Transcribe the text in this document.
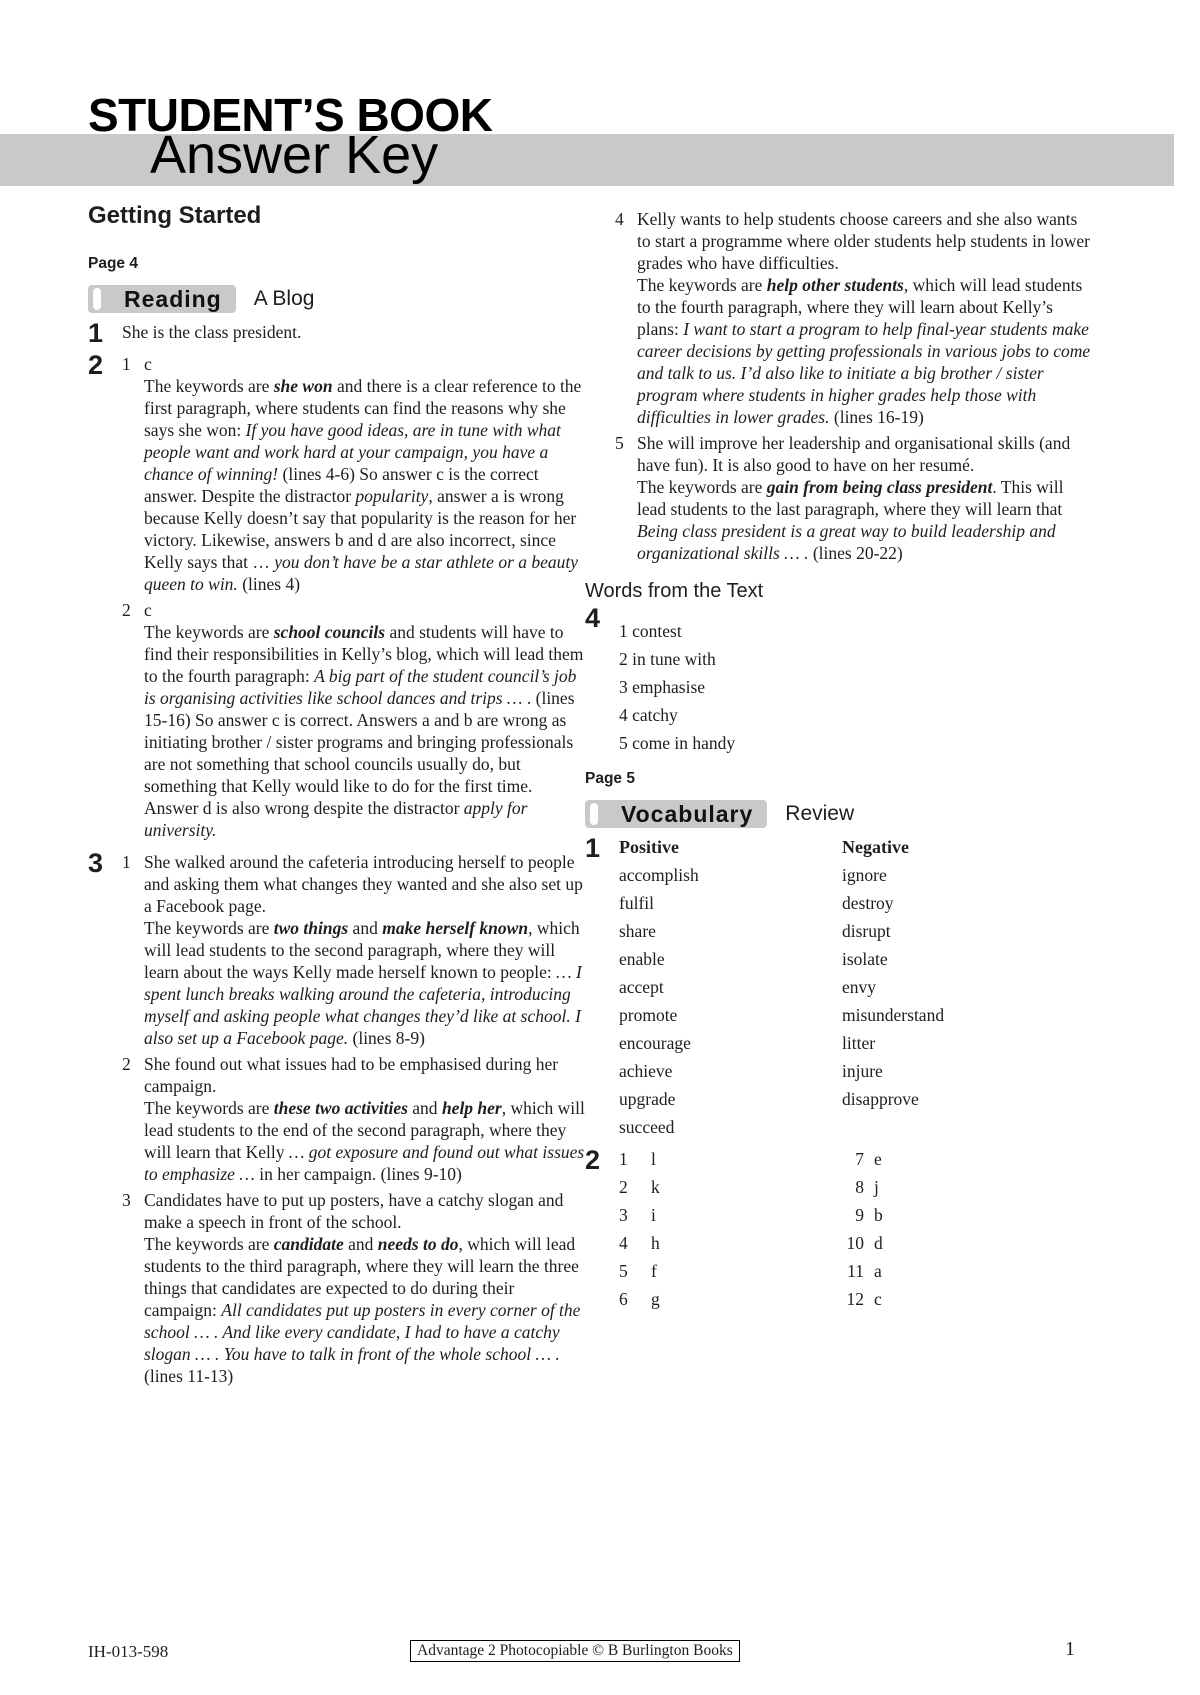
STUDENT’S BOOK
Answer Key
Getting Started
Page 4
Reading A Blog
1 She is the class president.
2 1 c
The keywords are she won and there is a clear reference to the first paragraph, where students can find the reasons why she says she won: If you have good ideas, are in tune with what people want and work hard at your campaign, you have a chance of winning! (lines 4-6) So answer c is the correct answer. Despite the distractor popularity, answer a is wrong because Kelly doesn’t say that popularity is the reason for her victory. Likewise, answers b and d are also incorrect, since Kelly says that … you don’t have be a star athlete or a beauty queen to win. (lines 4)
2 c
The keywords are school councils and students will have to find their responsibilities in Kelly’s blog, which will lead them to the fourth paragraph: A big part of the student council’s job is organising activities like school dances and trips … . (lines 15-16) So answer c is correct. Answers a and b are wrong as initiating brother / sister programs and bringing professionals are not something that school councils usually do, but something that Kelly would like to do for the first time. Answer d is also wrong despite the distractor apply for university.
3 1 She walked around the cafeteria introducing herself to people and asking them what changes they wanted and she also set up a Facebook page.
The keywords are two things and make herself known, which will lead students to the second paragraph, where they will learn about the ways Kelly made herself known to people: … I spent lunch breaks walking around the cafeteria, introducing myself and asking people what changes they’d like at school. I also set up a Facebook page. (lines 8-9)
2 She found out what issues had to be emphasised during her campaign.
The keywords are these two activities and help her, which will lead students to the end of the second paragraph, where they will learn that Kelly … got exposure and found out what issues to emphasize … in her campaign. (lines 9-10)
3 Candidates have to put up posters, have a catchy slogan and make a speech in front of the school.
The keywords are candidate and needs to do, which will lead students to the third paragraph, where they will learn the three things that candidates are expected to do during their campaign: All candidates put up posters in every corner of the school … . And like every candidate, I had to have a catchy slogan … . You have to talk in front of the whole school … . (lines 11-13)
4 Kelly wants to help students choose careers and she also wants to start a programme where older students help students in lower grades who have difficulties.
The keywords are help other students, which will lead students to the fourth paragraph, where they will learn about Kelly’s plans: I want to start a program to help final-year students make career decisions by getting professionals in various jobs to come and talk to us. I’d also like to initiate a big brother / sister program where students in higher grades help those with difficulties in lower grades. (lines 16-19)
5 She will improve her leadership and organisational skills (and have fun). It is also good to have on her resumé.
The keywords are gain from being class president. This will lead students to the last paragraph, where they will learn that Being class president is a great way to build leadership and organizational skills … . (lines 20-22)
Words from the Text
4 1 contest
2 in tune with
3 emphasise
4 catchy
5 come in handy
Page 5
Vocabulary Review
1 Positive	Negative
accomplish	ignore
fulfil	destroy
share	disrupt
enable	isolate
accept	envy
promote	misunderstand
encourage	litter
achieve	injure
upgrade	disapprove
succeed
2 1	l	7 e
2	k	8 j
3	i	9 b
4	h	10 d
5	f	11 a
6	g	12 c
IH-013-598	Advantage 2 Photocopiable © B Burlington Books	1
